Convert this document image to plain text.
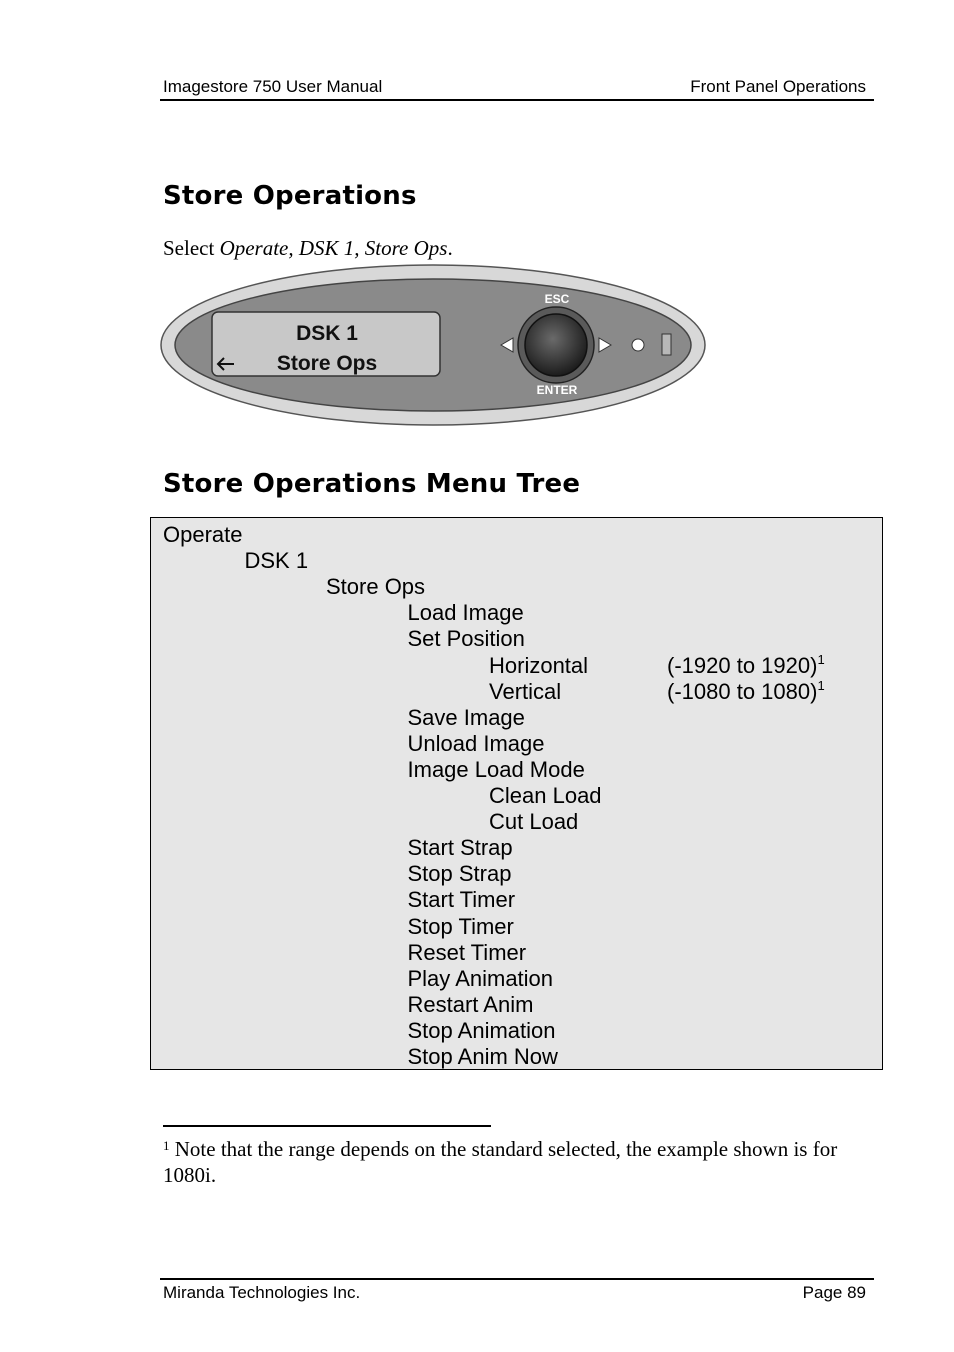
Imagestore 750 User Manual	Front Panel Operations
Store Operations
Select Operate, DSK 1, Store Ops.
DSK 1
Store Ops
ESC
ENTER
Store Operations Menu Tree
Operate
DSK 1
Store Ops
Load Image
Set Position
Horizontal	(-1920 to 1920)$^1$
Vertical	(-1080 to 1080)$^1$
Save Image
Unload Image
Image Load Mode
Clean Load
Cut Load
Start Strap
Stop Strap
Start Timer
Stop Timer
Reset Timer
Play Animation
Restart Anim
Stop Animation
Stop Anim Now
$^1$ Note that the range depends on the standard selected, the example shown is for 1080i.
Miranda Technologies Inc.	Page 89
